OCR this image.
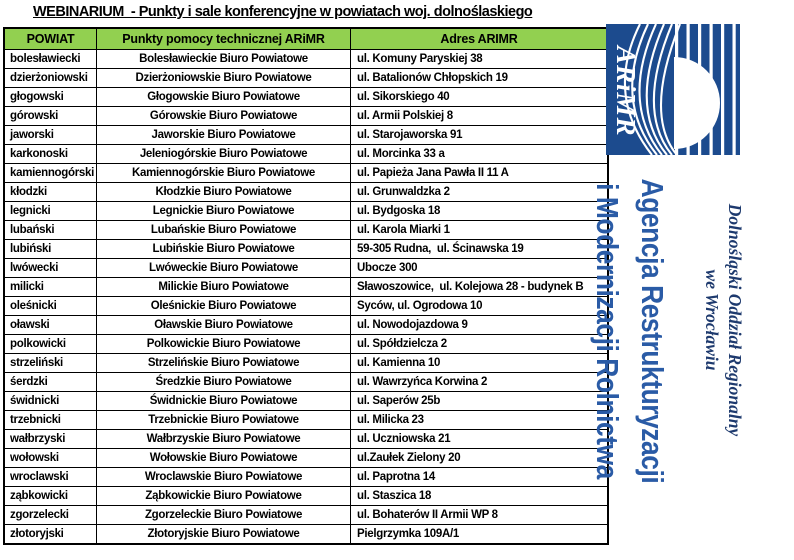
WEBINARIUM  - Punkty i sale konferencyjne w powiatach woj. dolnoślaskiego
POWIAT	Punkty pomocy technicznej ARiMR	Adres ARIMR
bolesławiecki	Bolesławieckie Biuro Powiatowe	ul. Komuny Paryskiej 38
dzierżoniowski	Dzierżoniowskie Biuro Powiatowe	ul. Batalionów Chłopskich 19
głogowski	Głogowskie Biuro Powiatowe	ul. Sikorskiego 40
górowski	Górowskie Biuro Powiatowe	ul. Armii Polskiej 8
jaworski	Jaworskie Biuro Powiatowe	ul. Starojaworska 91
karkonoski	Jeleniogórskie Biuro Powiatowe	ul. Morcinka 33 a
kamiennogórski	Kamiennogórskie Biuro Powiatowe	ul. Papieża Jana Pawła II 11 A
kłodzki	Kłodzkie Biuro Powiatowe	ul. Grunwaldzka 2
legnicki	Legnickie Biuro Powiatowe	ul. Bydgoska 18
lubański	Lubańskie Biuro Powiatowe	ul. Karola Miarki 1
lubiński	Lubińskie Biuro Powiatowe	59-305 Rudna,  ul. Ścinawska 19
lwówecki	Lwóweckie Biuro Powiatowe	Ubocze 300
milicki	Milickie Biuro Powiatowe	Sławoszowice,  ul. Kolejowa 28 - budynek B
oleśnicki	Oleśnickie Biuro Powiatowe	Syców, ul. Ogrodowa 10
oławski	Oławskie Biuro Powiatowe	ul. Nowodojazdowa 9
polkowicki	Polkowickie Biuro Powiatowe	ul. Spółdzielcza 2
strzeliński	Strzelińskie Biuro Powiatowe	ul. Kamienna 10
śerdzki	Średzkie Biuro Powiatowe	ul. Wawrzyńca Korwina 2
świdnicki	Świdnickie Biuro Powiatowe	ul. Saperów 25b
trzebnicki	Trzebnickie Biuro Powiatowe	ul. Milicka 23
wałbrzyski	Wałbrzyskie Biuro Powiatowe	ul. Uczniowska 21
wołowski	Wołowskie Biuro Powiatowe	ul.Zaułek Zielony 20
wroclawski	Wroclawskie Biuro Powiatowe	ul. Paprotna 14
ząbkowicki	Ząbkowickie Biuro Powiatowe	ul. Staszica 18
zgorzelecki	Zgorzeleckie Biuro Powiatowe	ul. Bohaterów II Armii WP 8
złotoryjski	Złotoryjskie Biuro Powiatowe	Pielgrzymka 109A/1
ARiMR
Agencja Restrukturyzacji
i Modernizacji Rolnictwa	Dolnośląski Oddział Regionalny
we Wrocławiu
